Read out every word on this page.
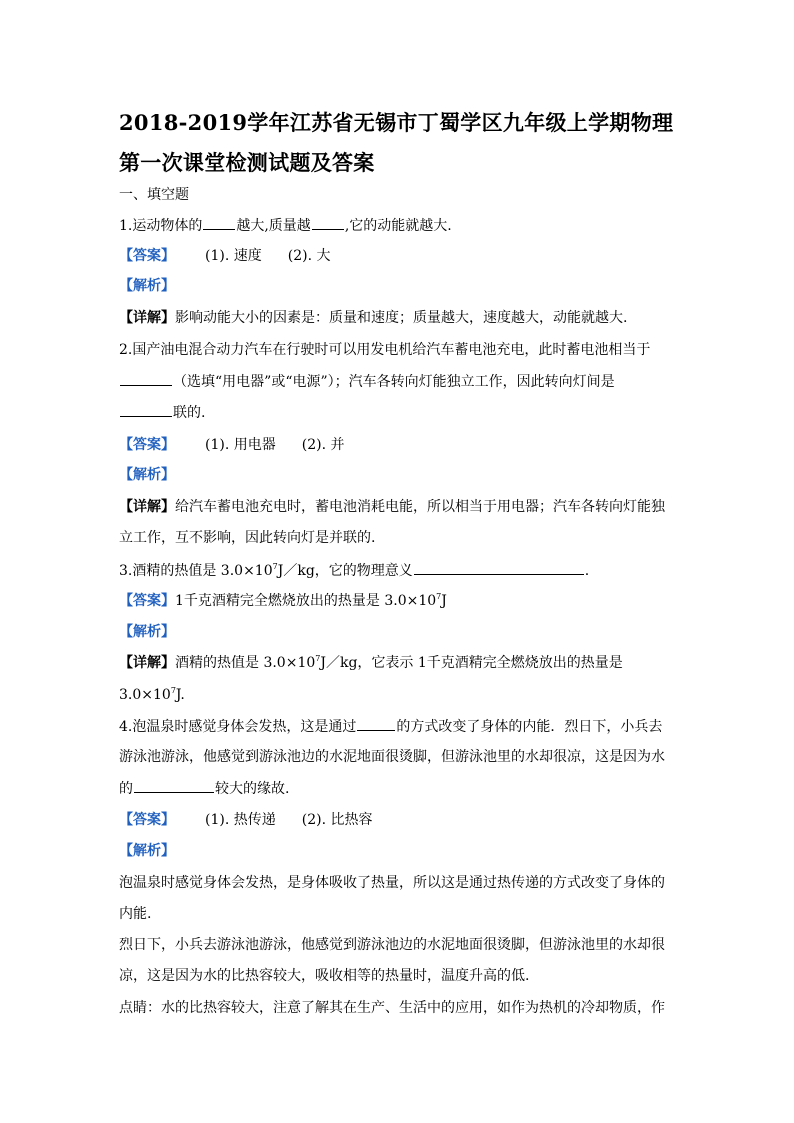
2018-2019学年江苏省无锡市丁蜀学区九年级上学期物理第一次课堂检测试题及答案

一、填空题

1.运动物体的 越大,质量越 ,它的动能就越大.

【答案】 (1). 速度 (2). 大

【解析】

【详解】影响动能大小的因素是：质量和速度；质量越大，速度越大，动能就越大.

2.国产油电混合动力汽车在行驶时可以用发电机给汽车蓄电池充电，此时蓄电池相当于

（选填“用电器”或“电源”）；汽车各转向灯能独立工作，因此转向灯间是

联的.

【答案】 (1). 用电器 (2). 并

【解析】

【详解】给汽车蓄电池充电时，蓄电池消耗电能，所以相当于用电器；汽车各转向灯能独

立工作，互不影响，因此转向灯是并联的.

3.酒精的热值是 $3.0\times 10^7J/kg$，它的物理意义	.

【答案】1千克酒精完全燃烧放出的热量是 $3.0\times 10^7J$

【解析】

【详解】酒精的热值是 $3.0\times 10^7J/kg$，它表示 1千克酒精完全燃烧放出的热量是

$3.0\times 10^7J$.

4.泡温泉时感觉身体会发热，这是通过	的方式改变了身体的内能．烈日下，小兵去

游泳池游泳，他感觉到游泳池边的水泥地面很烫脚，但游泳池里的水却很凉，这是因为水

的	较大的缘故.

【答案】 (1). 热传递 (2). 比热容

【解析】

泡温泉时感觉身体会发热，是身体吸收了热量，所以这是通过热传递的方式改变了身体的

内能.

烈日下，小兵去游泳池游泳，他感觉到游泳池边的水泥地面很烫脚，但游泳池里的水却很

凉，这是因为水的比热容较大，吸收相等的热量时，温度升高的低.

点睛：水的比热容较大，注意了解其在生产、生活中的应用，如作为热机的冷却物质，作
